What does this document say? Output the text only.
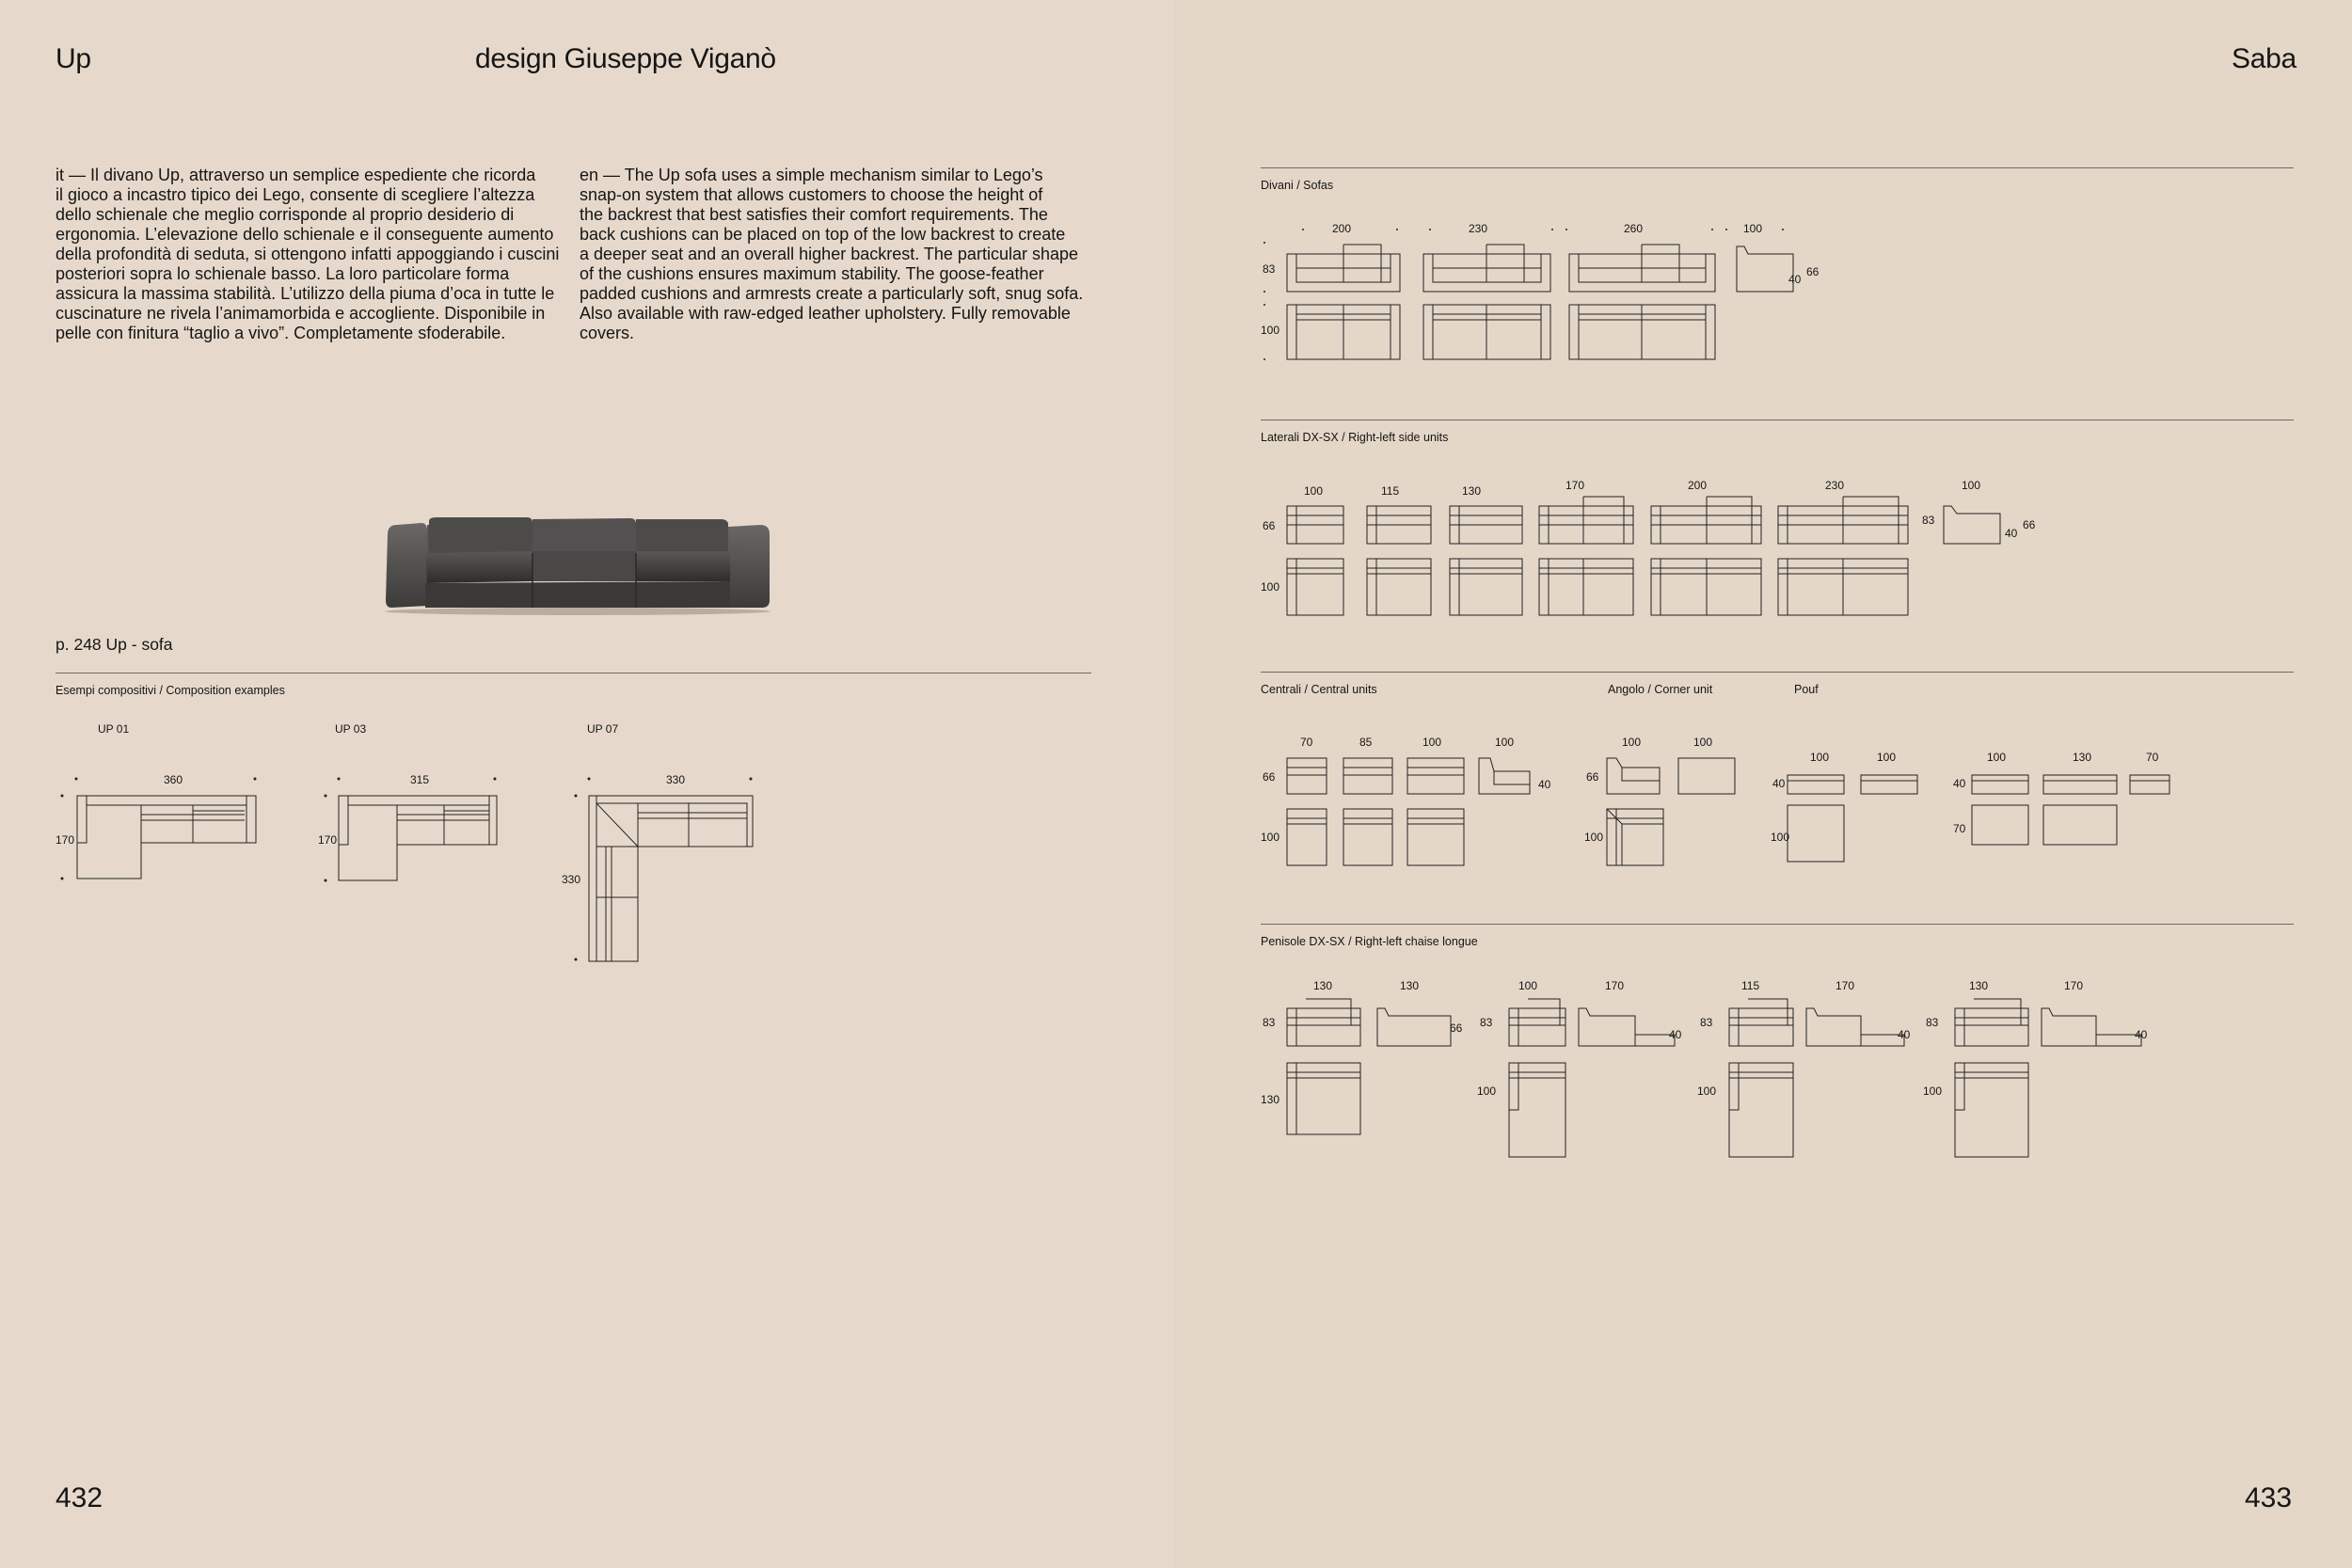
Up	design Giuseppe Viganò
it — Il divano Up, attraverso un semplice espediente che ricorda
il gioco a incastro tipico dei Lego, consente di scegliere l’altezza
dello schienale che meglio corrisponde al proprio desiderio di
ergonomia. L’elevazione dello schienale e il conseguente aumento
della profondità di seduta, si ottengono infatti appoggiando i cuscini
posteriori sopra lo schienale basso. La loro particolare forma
assicura la massima stabilità. L’utilizzo della piuma d’oca in tutte le
cuscinature ne rivela l’animamorbida e accogliente. Disponibile in
pelle con finitura “taglio a vivo”. Completamente sfoderabile.
en — The Up sofa uses a simple mechanism similar to Lego’s
snap-on system that allows customers to choose the height of
the backrest that best satisfies their comfort requirements. The
back cushions can be placed on top of the low backrest to create
a deeper seat and an overall higher backrest. The particular shape
of the cushions ensures maximum stability. The goose-feather
padded cushions and armrests create a particularly soft, snug sofa.
Also available with raw-edged leather upholstery. Fully removable
covers.
p. 248 Up - sofa
Esempi compositivi / Composition examples
UP 01
360
170
UP 03
315
170
UP 07
330
330
432
Saba
Divani / Sofas
200	230	260	100
83
100
40
66
Laterali DX-SX / Right-left side units
100	115	130	170	200	230	100
66
100
83
40
66
Centrali / Central units	Angolo / Corner unit	Pouf
70	85	100	100
66
100
40
100	100
66
100
100	100	100	130	70
40
100
40
70
Penisole DX-SX / Right-left chaise longue
130	130	100	170	115	170	130	170
83
130
83
100
83
100
83
100
66	40	40	40
433
